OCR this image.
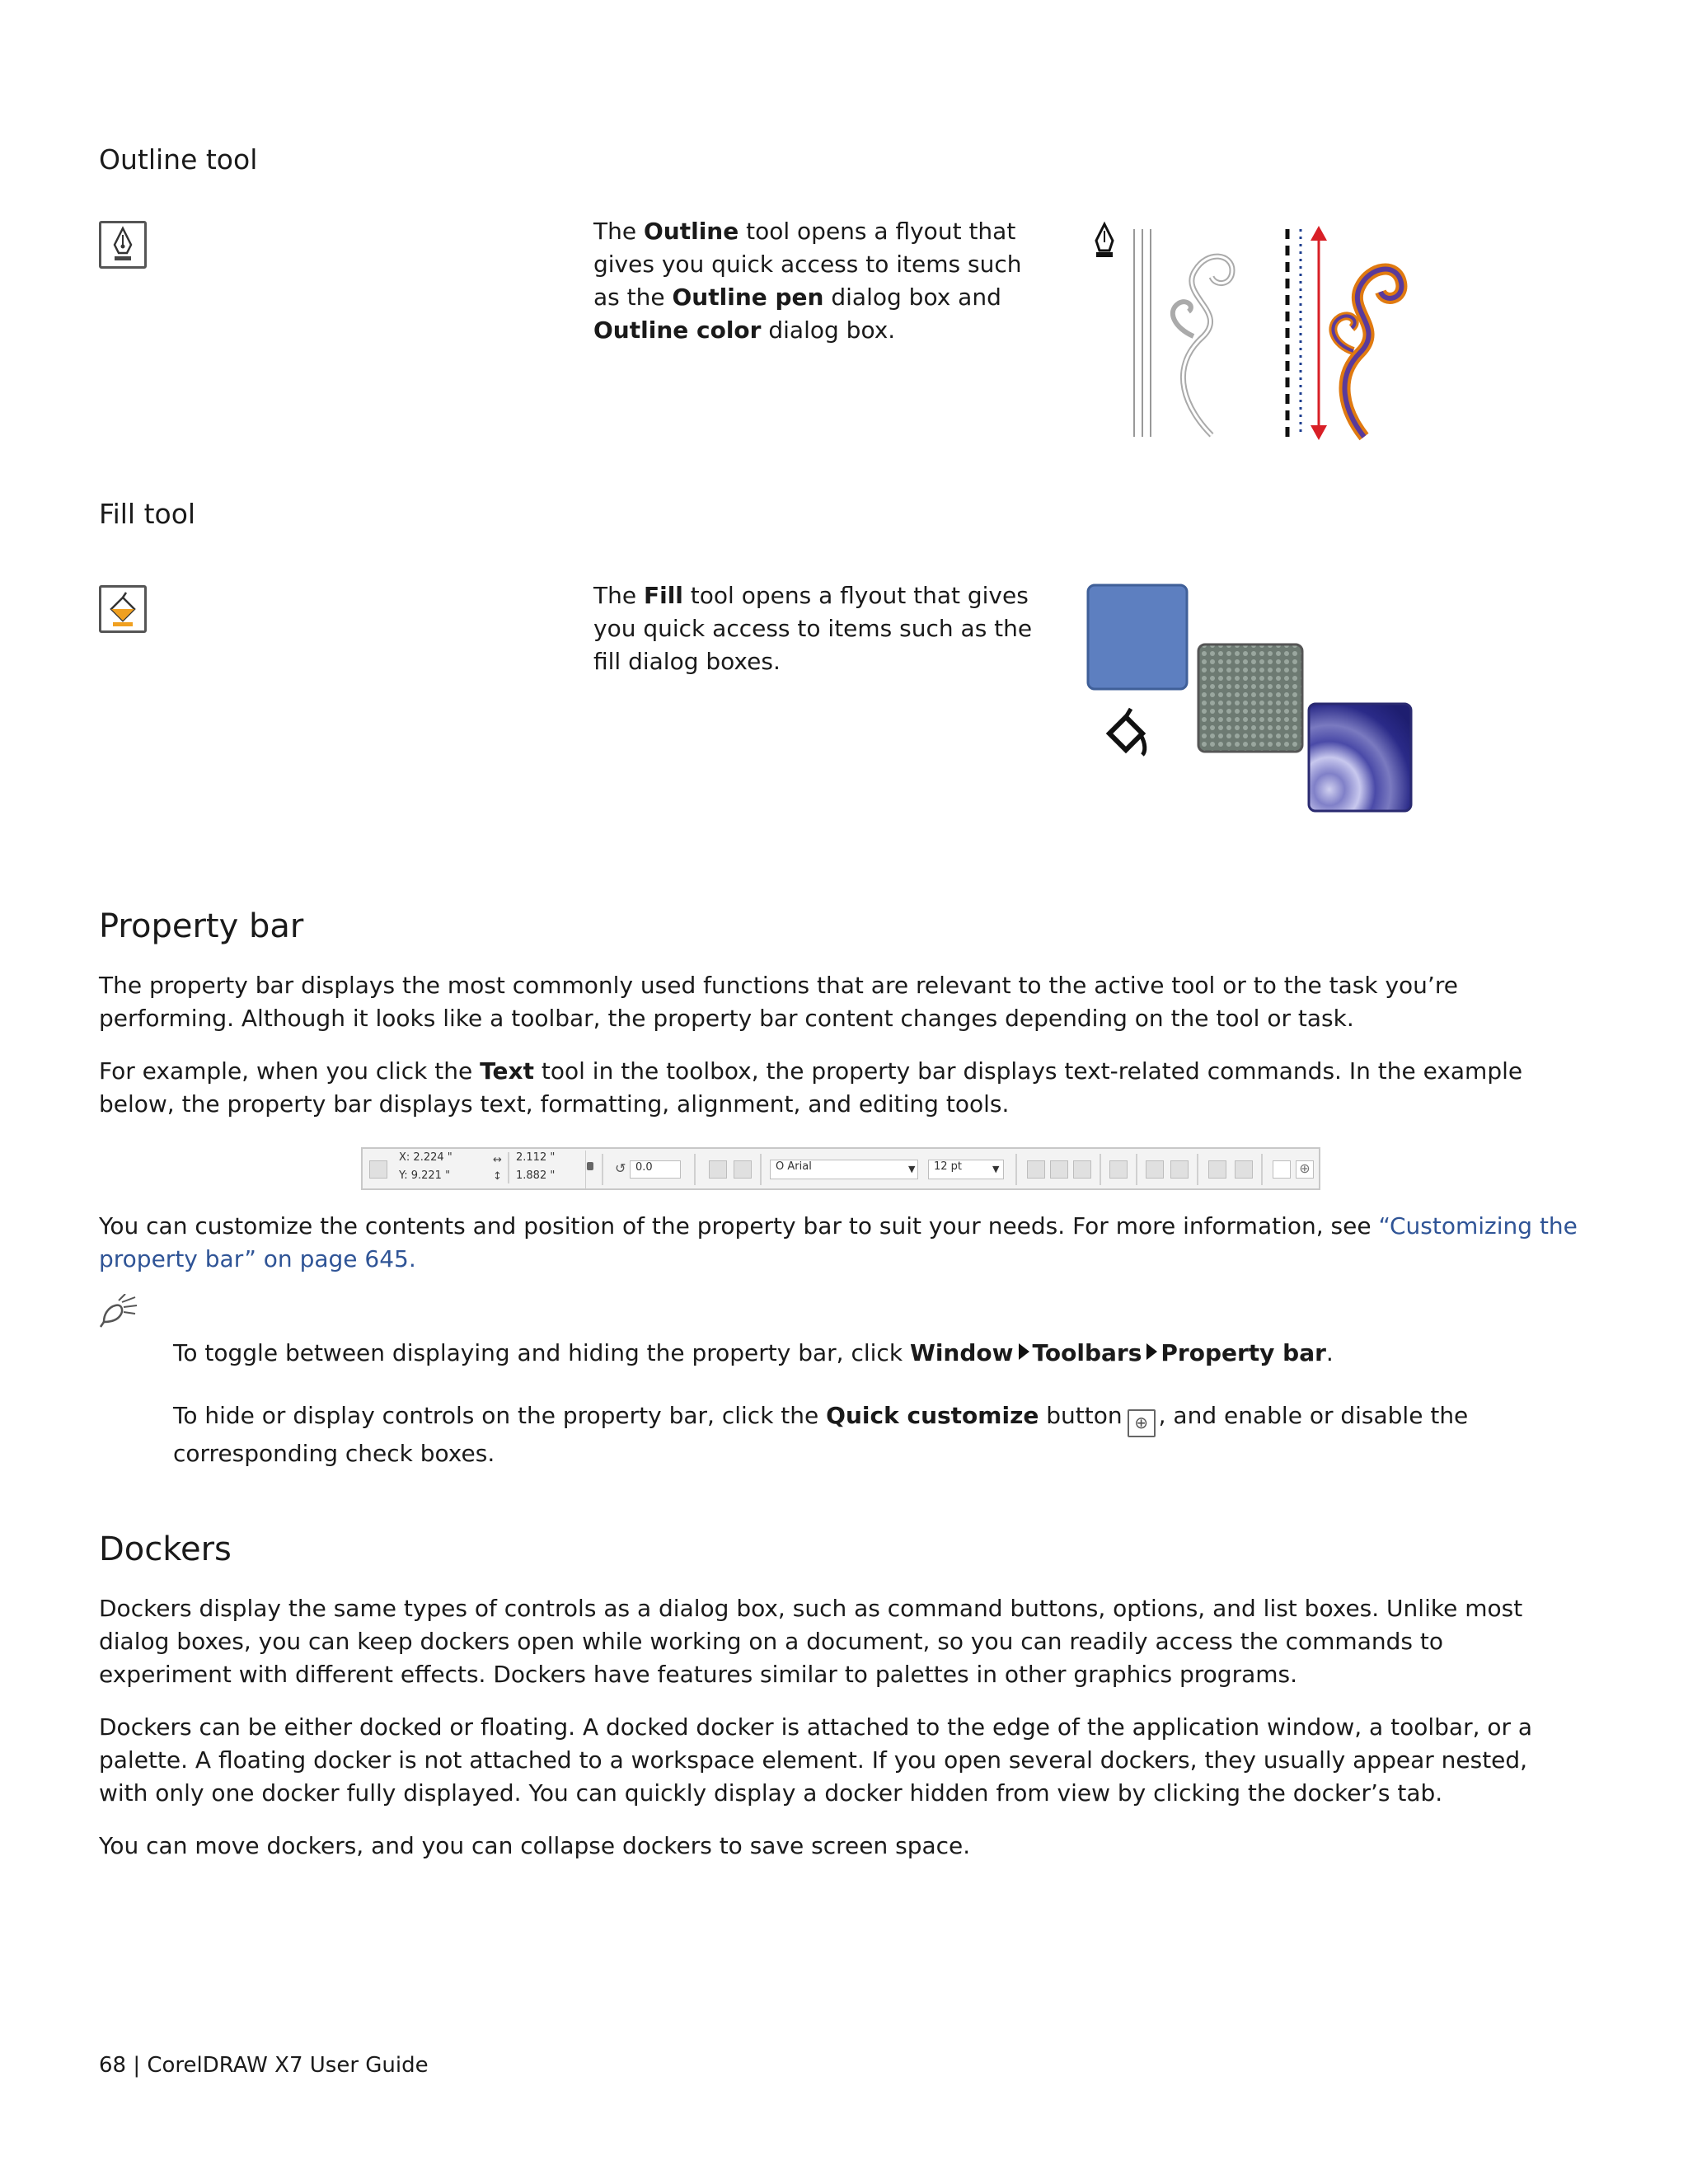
Outline tool

The Outline tool opens a flyout that gives you quick access to items such as the Outline pen dialog box and Outline color dialog box.

Fill tool

The Fill tool opens a flyout that gives you quick access to items such as the fill dialog boxes.

Property bar

The property bar displays the most commonly used functions that are relevant to the active tool or to the task you’re performing. Although it looks like a toolbar, the property bar content changes depending on the tool or task.

For example, when you click the Text tool in the toolbox, the property bar displays text-related commands. In the example below, the property bar displays text, formatting, alignment, and editing tools.

X: 2.224 "
Y: 9.221 "
↔
↕
2.112 "
1.882 "	↺ 0.0	O Arial	▼	12 pt	▼	⊕

You can customize the contents and position of the property bar to suit your needs. For more information, see “Customizing the property bar” on page 645.

To toggle between displaying and hiding the property bar, click Window Toolbars Property bar.

To hide or display controls on the property bar, click the Quick customize button ⊕ , and enable or disable the corresponding check boxes.

Dockers

Dockers display the same types of controls as a dialog box, such as command buttons, options, and list boxes. Unlike most dialog boxes, you can keep dockers open while working on a document, so you can readily access the commands to experiment with different effects. Dockers have features similar to palettes in other graphics programs.

Dockers can be either docked or floating. A docked docker is attached to the edge of the application window, a toolbar, or a palette. A floating docker is not attached to a workspace element. If you open several dockers, they usually appear nested, with only one docker fully displayed. You can quickly display a docker hidden from view by clicking the docker’s tab.

You can move dockers, and you can collapse dockers to save screen space.

68 | CorelDRAW X7 User Guide
